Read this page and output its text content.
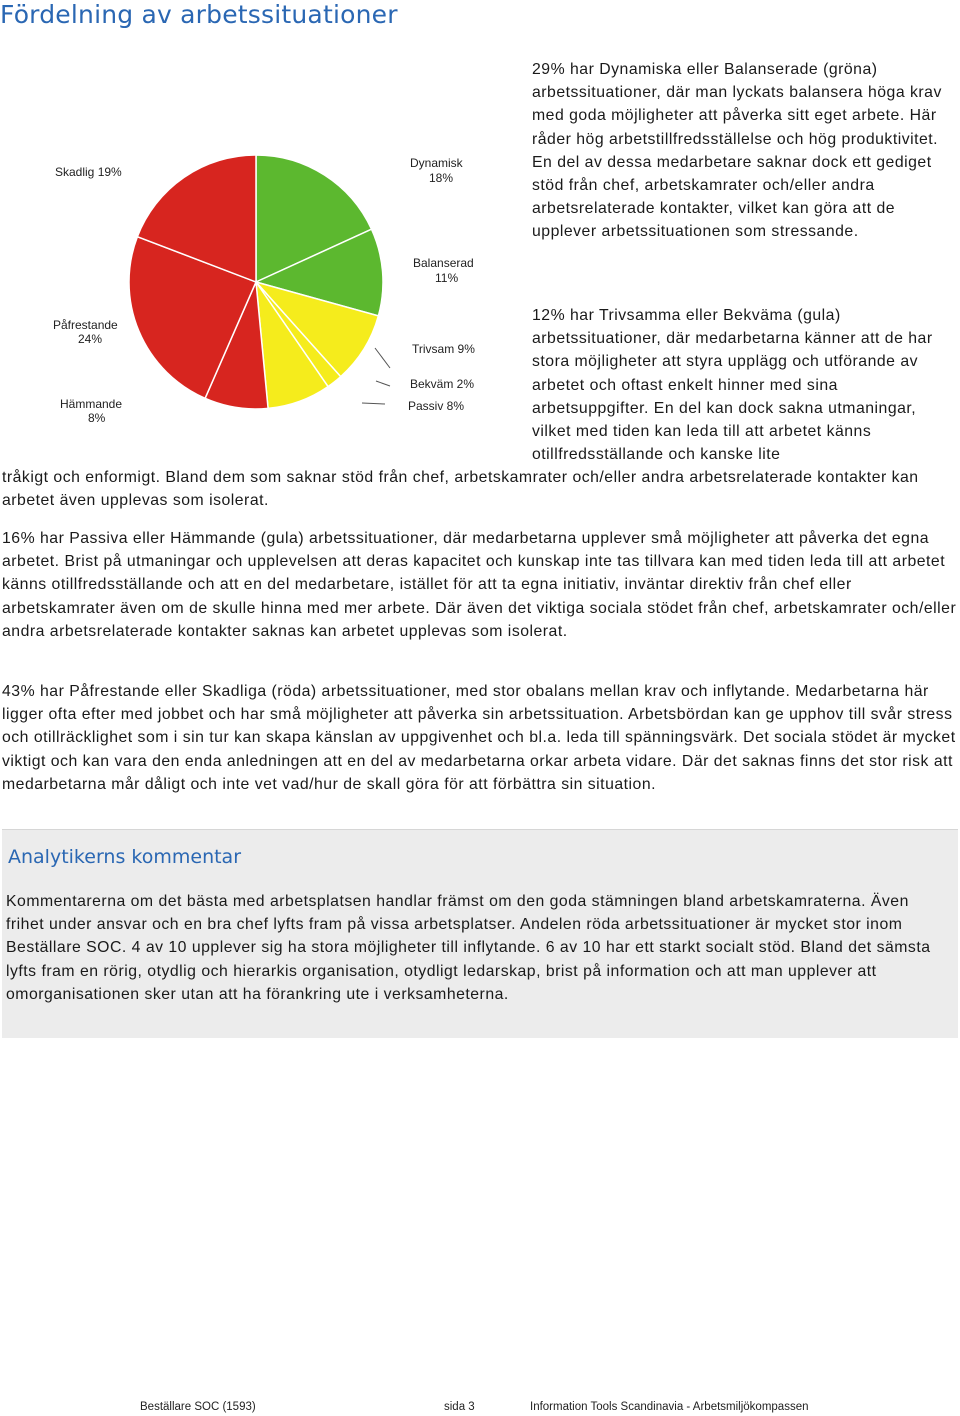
Fördelning av arbetssituationer
Skadlig 19%
Dynamisk
18%
Balanserad
11%
Påfrestande
24%
Trivsam 9%
Bekväm 2%
Hämmande
8%
Passiv 8%

29% har Dynamiska eller Balanserade (gröna) arbetssituationer, där man lyckats balansera höga krav med goda möjligheter att påverka sitt eget arbete. Här råder hög arbetstillfredsställelse och hög produktivitet. En del av dessa medarbetare saknar dock ett gediget stöd från chef, arbetskamrater och/eller andra arbetsrelaterade kontakter, vilket kan göra att de upplever arbetssituationen som stressande.

12% har Trivsamma eller Bekväma (gula) arbetssituationer, där medarbetarna känner att de har stora möjligheter att styra upplägg och utförande av arbetet och oftast enkelt hinner med sina arbetsuppgifter. En del kan dock sakna utmaningar, vilket med tiden kan leda till att arbetet känns otillfredsställande och kanske lite

tråkigt och enformigt. Bland dem som saknar stöd från chef, arbetskamrater och/eller andra arbetsrelaterade kontakter kan arbetet även upplevas som isolerat.

16% har Passiva eller Hämmande (gula) arbetssituationer, där medarbetarna upplever små möjligheter att påverka det egna arbetet. Brist på utmaningar och upplevelsen att deras kapacitet och kunskap inte tas tillvara kan med tiden leda till att arbetet känns otillfredsställande och att en del medarbetare, istället för att ta egna initiativ, inväntar direktiv från chef eller arbetskamrater även om de skulle hinna med mer arbete. Där även det viktiga sociala stödet från chef, arbetskamrater och/eller andra arbetsrelaterade kontakter saknas kan arbetet upplevas som isolerat.

43% har Påfrestande eller Skadliga (röda) arbetssituationer, med stor obalans mellan krav och inflytande. Medarbetarna här ligger ofta efter med jobbet och har små möjligheter att påverka sin arbetssituation. Arbetsbördan kan ge upphov till svår stress och otillräcklighet som i sin tur kan skapa känslan av uppgivenhet och bl.a. leda till spänningsvärk. Det sociala stödet är mycket viktigt och kan vara den enda anledningen att en del av medarbetarna orkar arbeta vidare. Där det saknas finns det stor risk att medarbetarna mår dåligt och inte vet vad/hur de skall göra för att förbättra sin situation.

Analytikerns kommentar

Kommentarerna om det bästa med arbetsplatsen handlar främst om den goda stämningen bland arbetskamraterna. Även frihet under ansvar och en bra chef lyfts fram på vissa arbetsplatser. Andelen röda arbetssituationer är mycket stor inom Beställare SOC. 4 av 10 upplever sig ha stora möjligheter till inflytande. 6 av 10 har ett starkt socialt stöd. Bland det sämsta lyfts fram en rörig, otydlig och hierarkis organisation, otydligt ledarskap, brist på information och att man upplever att omorganisationen sker utan att ha förankring ute i verksamheterna.

Beställare SOC (1593)	sida 3	Information Tools Scandinavia - Arbetsmiljökompassen
